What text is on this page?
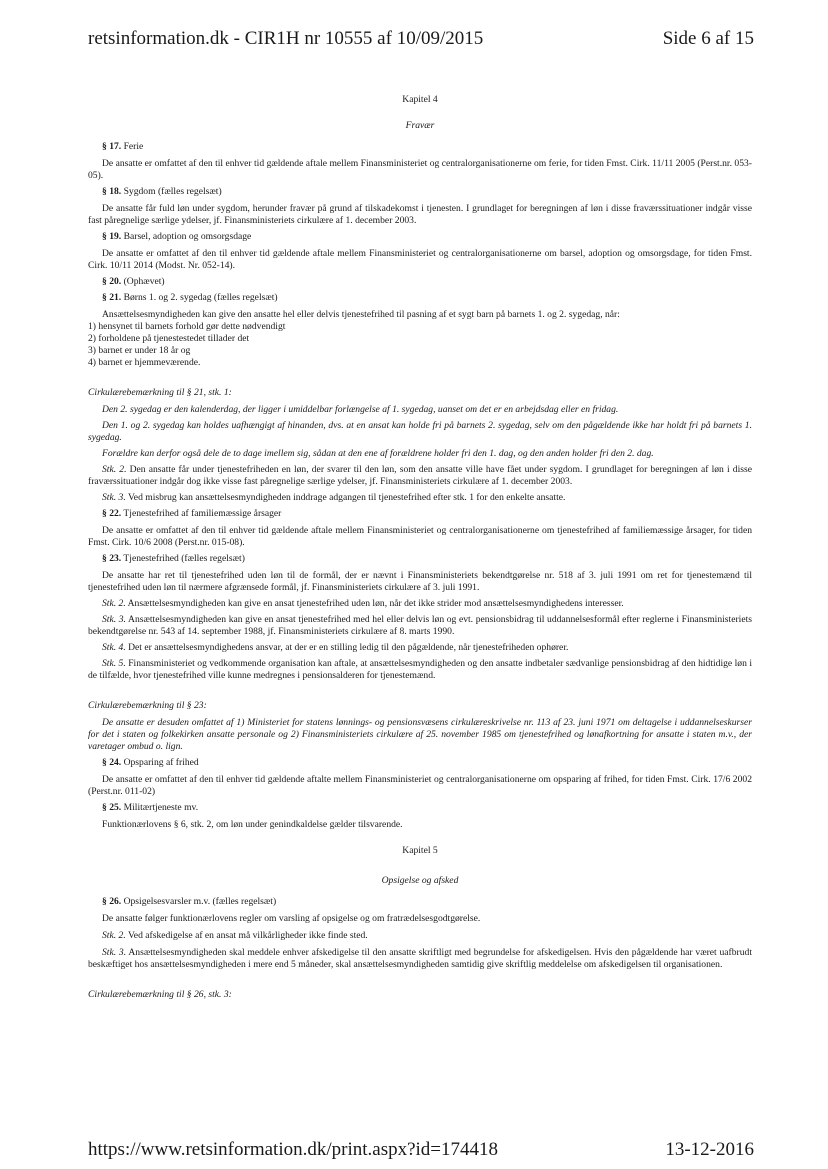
retsinformation.dk - CIR1H nr 10555 af 10/09/2015	Side 6 af 15

Kapitel 4

Fravær

§ 17. Ferie

De ansatte er omfattet af den til enhver tid gældende aftale mellem Finansministeriet og centralorganisationerne om ferie, for tiden Fmst. Cirk. 11/11 2005 (Perst.nr. 053-05).

§ 18. Sygdom (fælles regelsæt)

De ansatte får fuld løn under sygdom, herunder fravær på grund af tilskadekomst i tjenesten. I grundlaget for beregningen af løn i disse fraværssituationer indgår visse fast påregnelige særlige ydelser, jf. Finansministeriets cirkulære af 1. december 2003.

§ 19. Barsel, adoption og omsorgsdage

De ansatte er omfattet af den til enhver tid gældende aftale mellem Finansministeriet og centralorganisationerne om barsel, adoption og omsorgsdage, for tiden Fmst. Cirk. 10/11 2014 (Modst. Nr. 052-14).

§ 20. (Ophævet)

§ 21. Børns 1. og 2. sygedag (fælles regelsæt)

Ansættelsesmyndigheden kan give den ansatte hel eller delvis tjenestefrihed til pasning af et sygt barn på barnets 1. og 2. sygedag, når:

1) hensynet til barnets forhold gør dette nødvendigt
2) forholdene på tjenestestedet tillader det
3) barnet er under 18 år og
4) barnet er hjemmeværende.

Cirkulærebemærkning til § 21, stk. 1:

Den 2. sygedag er den kalenderdag, der ligger i umiddelbar forlængelse af 1. sygedag, uanset om det er en arbejdsdag eller en fridag.

Den 1. og 2. sygedag kan holdes uafhængigt af hinanden, dvs. at en ansat kan holde fri på barnets 2. sygedag, selv om den pågældende ikke har holdt fri på barnets 1. sygedag.

Forældre kan derfor også dele de to dage imellem sig, sådan at den ene af forældrene holder fri den 1. dag, og den anden holder fri den 2. dag.

Stk. 2. Den ansatte får under tjenestefriheden en løn, der svarer til den løn, som den ansatte ville have fået under sygdom. I grundlaget for beregningen af løn i disse fraværssituationer indgår dog ikke visse fast påregnelige særlige ydelser, jf. Finansministeriets cirkulære af 1. december 2003.

Stk. 3. Ved misbrug kan ansættelsesmyndigheden inddrage adgangen til tjenestefrihed efter stk. 1 for den enkelte ansatte.

§ 22. Tjenestefrihed af familiemæssige årsager

De ansatte er omfattet af den til enhver tid gældende aftale mellem Finansministeriet og centralorganisationerne om tjenestefrihed af familiemæssige årsager, for tiden Fmst. Cirk. 10/6 2008 (Perst.nr. 015-08).

§ 23. Tjenestefrihed (fælles regelsæt)

De ansatte har ret til tjenestefrihed uden løn til de formål, der er nævnt i Finansministeriets bekendtgørelse nr. 518 af 3. juli 1991 om ret for tjenestemænd til tjenestefrihed uden løn til nærmere afgrænsede formål, jf. Finansministeriets cirkulære af 3. juli 1991.

Stk. 2. Ansættelsesmyndigheden kan give en ansat tjenestefrihed uden løn, når det ikke strider mod ansættelsesmyndighedens interesser.

Stk. 3. Ansættelsesmyndigheden kan give en ansat tjenestefrihed med hel eller delvis løn og evt. pensionsbidrag til uddannelsesformål efter reglerne i Finansministeriets bekendtgørelse nr. 543 af 14. september 1988, jf. Finansministeriets cirkulære af 8. marts 1990.

Stk. 4. Det er ansættelsesmyndighedens ansvar, at der er en stilling ledig til den pågældende, når tjenestefriheden ophører.

Stk. 5. Finansministeriet og vedkommende organisation kan aftale, at ansættelsesmyndigheden og den ansatte indbetaler sædvanlige pensionsbidrag af den hidtidige løn i de tilfælde, hvor tjenestefrihed ville kunne medregnes i pensionsalderen for tjenestemænd.

Cirkulærebemærkning til § 23:

De ansatte er desuden omfattet af 1) Ministeriet for statens lønnings- og pensionsvæsens cirkulæreskrivelse nr. 113 af 23. juni 1971 om deltagelse i uddannelseskurser for det i staten og folkekirken ansatte personale og 2) Finansministeriets cirkulære af 25. november 1985 om tjenestefrihed og lønafkortning for ansatte i staten m.v., der varetager ombud o. lign.

§ 24. Opsparing af frihed

De ansatte er omfattet af den til enhver tid gældende aftalte mellem Finansministeriet og centralorganisationerne om opsparing af frihed, for tiden Fmst. Cirk. 17/6 2002 (Perst.nr. 011-02)

§ 25. Militærtjeneste mv.

Funktionærlovens § 6, stk. 2, om løn under genindkaldelse gælder tilsvarende.

Kapitel 5

Opsigelse og afsked

§ 26. Opsigelsesvarsler m.v. (fælles regelsæt)

De ansatte følger funktionærlovens regler om varsling af opsigelse og om fratrædelsesgodtgørelse.

Stk. 2. Ved afskedigelse af en ansat må vilkårligheder ikke finde sted.

Stk. 3. Ansættelsesmyndigheden skal meddele enhver afskedigelse til den ansatte skriftligt med begrundelse for afskedigelsen. Hvis den pågældende har været uafbrudt beskæftiget hos ansættelsesmyndigheden i mere end 5 måneder, skal ansættelsesmyndigheden samtidig give skriftlig meddelelse om afskedigelsen til organisationen.

Cirkulærebemærkning til § 26, stk. 3:

https://www.retsinformation.dk/print.aspx?id=174418	13-12-2016
